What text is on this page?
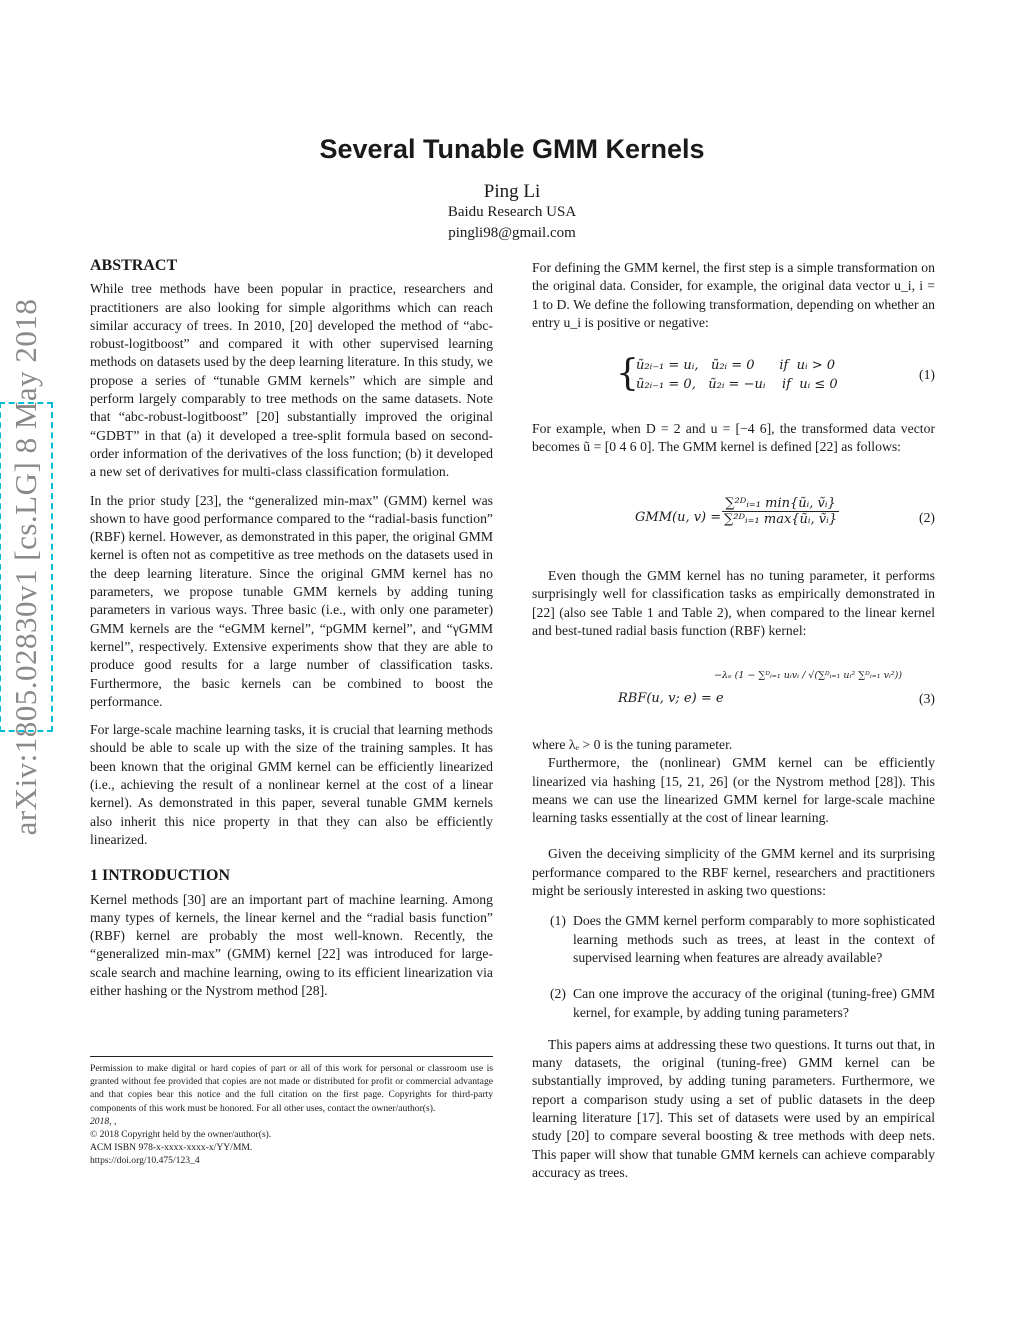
arXiv:1805.02830v1 [cs.LG] 8 May 2018
Several Tunable GMM Kernels
Ping Li
Baidu Research USA
pingli98@gmail.com
ABSTRACT

While tree methods have been popular in practice, researchers and practitioners are also looking for simple algorithms which can reach similar accuracy of trees. In 2010, [20] developed the method of “abc-robust-logitboost” and compared it with other supervised learning methods on datasets used by the deep learning literature. In this study, we propose a series of “tunable GMM kernels” which are simple and perform largely comparably to tree methods on the same datasets. Note that “abc-robust-logitboost” [20] substantially improved the original “GDBT” in that (a) it developed a tree-split formula based on second-order information of the derivatives of the loss function; (b) it developed a new set of derivatives for multi-class classification formulation.

In the prior study [23], the “generalized min-max” (GMM) kernel was shown to have good performance compared to the “radial-basis function” (RBF) kernel. However, as demonstrated in this paper, the original GMM kernel is often not as competitive as tree methods on the datasets used in the deep learning literature. Since the original GMM kernel has no parameters, we propose tunable GMM kernels by adding tuning parameters in various ways. Three basic (i.e., with only one parameter) GMM kernels are the “eGMM kernel”, “pGMM kernel”, and “γGMM kernel”, respectively. Extensive experiments show that they are able to produce good results for a large number of classification tasks. Furthermore, the basic kernels can be combined to boost the performance.

For large-scale machine learning tasks, it is crucial that learning methods should be able to scale up with the size of the training samples. It has been known that the original GMM kernel can be efficiently linearized (i.e., achieving the result of a nonlinear kernel at the cost of a linear kernel). As demonstrated in this paper, several tunable GMM kernels also inherit this nice property in that they can also be efficiently linearized.

1 INTRODUCTION

Kernel methods [30] are an important part of machine learning. Among many types of kernels, the linear kernel and the “radial basis function” (RBF) kernel are probably the most well-known. Recently, the “generalized min-max” (GMM) kernel [22] was introduced for large-scale search and machine learning, owing to its efficient linearization via either hashing or the Nystrom method [28].

Permission to make digital or hard copies of part or all of this work for personal or classroom use is granted without fee provided that copies are not made or distributed for profit or commercial advantage and that copies bear this notice and the full citation on the first page. Copyrights for third-party components of this work must be honored. For all other uses, contact the owner/author(s).
2018, ,
© 2018 Copyright held by the owner/author(s).
ACM ISBN 978-x-xxxx-xxxx-x/YY/MM.
https://doi.org/10.475/123_4

For defining the GMM kernel, the first step is a simple transformation on the original data. Consider, for example, the original data vector u_i, i = 1 to D. We define the following transformation, depending on whether an entry u_i is positive or negative:

{
ũ₂ᵢ₋₁ = uᵢ,   ũ₂ᵢ = 0      if  uᵢ > 0
ũ₂ᵢ₋₁ = 0,   ũ₂ᵢ = −uᵢ    if  uᵢ ≤ 0
(1)

For example, when D = 2 and u = [−4 6], the transformed data vector becomes ũ = [0 4 6 0]. The GMM kernel is defined [22] as follows:

GMM(u, v) =
∑²ᴰᵢ₌₁ min{ũᵢ, ṽᵢ}
∑²ᴰᵢ₌₁ max{ũᵢ, ṽᵢ}	(2)

Even though the GMM kernel has no tuning parameter, it performs surprisingly well for classification tasks as empirically demonstrated in [22] (also see Table 1 and Table 2), when compared to the linear kernel and best-tuned radial basis function (RBF) kernel:

RBF(u, v; e) = e
−λₑ (1 − ∑ᴰᵢ₌₁ uᵢvᵢ / √(∑ᴰᵢ₌₁ uᵢ² ∑ᴰᵢ₌₁ vᵢ²))
(3)
where λₑ > 0 is the tuning parameter.

Furthermore, the (nonlinear) GMM kernel can be efficiently linearized via hashing [15, 21, 26] (or the Nystrom method [28]). This means we can use the linearized GMM kernel for large-scale machine learning tasks essentially at the cost of linear learning.

Given the deceiving simplicity of the GMM kernel and its surprising performance compared to the RBF kernel, researchers and practitioners might be seriously interested in asking two questions:

(1) Does the GMM kernel perform comparably to more sophisticated learning methods such as trees, at least in the context of supervised learning when features are already available?
(2) Can one improve the accuracy of the original (tuning-free) GMM kernel, for example, by adding tuning parameters?

This papers aims at addressing these two questions. It turns out that, in many datasets, the original (tuning-free) GMM kernel can be substantially improved, by adding tuning parameters. Furthermore, we report a comparison study using a set of public datasets in the deep learning literature [17]. This set of datasets were used by an empirical study [20] to compare several boosting & tree methods with deep nets. This paper will show that tunable GMM kernels can achieve comparably accuracy as trees.
